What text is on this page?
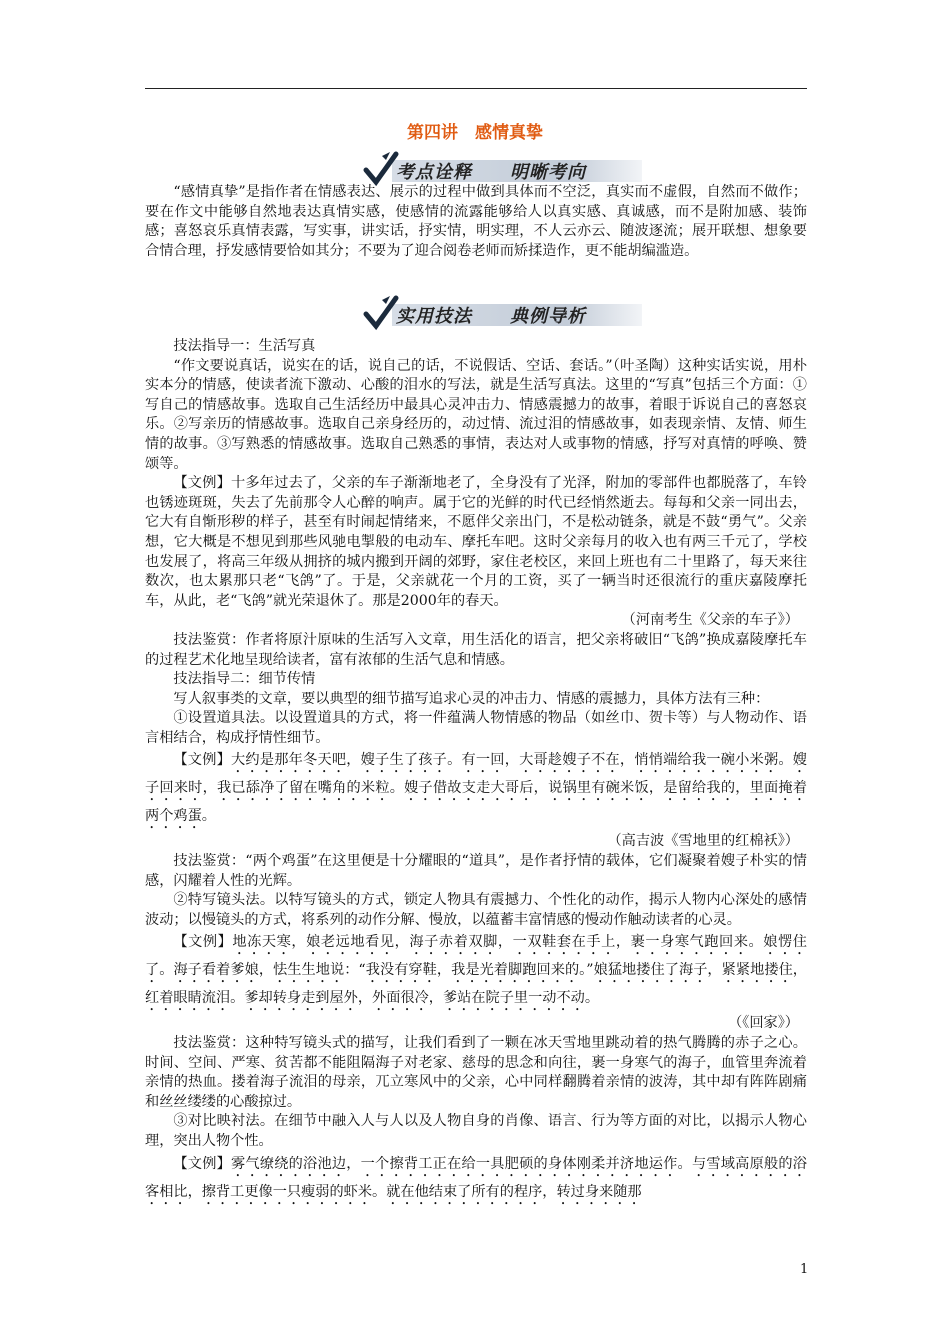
第四讲　感情真挚
考点诠释 明晰考向
实用技法 典例导析

“感情真挚”是指作者在情感表达、展示的过程中做到具体而不空泛，真实而不虚假，自然而不做作；要在作文中能够自然地表达真情实感，使感情的流露能够给人以真实感、真诚感，而不是附加感、装饰感；喜怒哀乐真情表露，写实事，讲实话，抒实情，明实理，不人云亦云、随波逐流；展开联想、想象要合情合理，抒发感情要恰如其分；不要为了迎合阅卷老师而矫揉造作，更不能胡编滥造。

技法指导一：生活写真

“作文要说真话，说实在的话，说自己的话，不说假话、空话、套话。”（叶圣陶）这种实话实说，用朴实本分的情感，使读者流下激动、心酸的泪水的写法，就是生活写真法。这里的“写真”包括三个方面：①写自己的情感故事。选取自己生活经历中最具心灵冲击力、情感震撼力的故事，着眼于诉说自己的喜怒哀乐。②写亲历的情感故事。选取自己亲身经历的，动过情、流过泪的情感故事，如表现亲情、友情、师生情的故事。③写熟悉的情感故事。选取自己熟悉的事情，表达对人或事物的情感，抒写对真情的呼唤、赞颂等。

【文例】十多年过去了，父亲的车子渐渐地老了，全身没有了光泽，附加的零部件也都脱落了，车铃也锈迹斑斑，失去了先前那令人心醉的响声。属于它的光鲜的时代已经悄然逝去。每每和父亲一同出去，它大有自惭形秽的样子，甚至有时闹起情绪来，不愿伴父亲出门，不是松动链条，就是不鼓“勇气”。父亲想，它大概是不想见到那些风驰电掣般的电动车、摩托车吧。这时父亲每月的收入也有两三千元了，学校也发展了，将高三年级从拥挤的城内搬到开阔的郊野，家住老校区，来回上班也有二十里路了，每天来往数次，也太累那只老“飞鸽”了。于是，父亲就花一个月的工资，买了一辆当时还很流行的重庆嘉陵摩托车，从此，老“飞鸽”就光荣退休了。那是2000年的春天。

（河南考生《父亲的车子》）

技法鉴赏：作者将原汁原味的生活写入文章，用生活化的语言，把父亲将破旧“飞鸽”换成嘉陵摩托车的过程艺术化地呈现给读者，富有浓郁的生活气息和情感。

技法指导二：细节传情

写人叙事类的文章，要以典型的细节描写追求心灵的冲击力、情感的震撼力，具体方法有三种：

①设置道具法。以设置道具的方式，将一件蕴满人物情感的物品（如丝巾、贺卡等）与人物动作、语言相结合，构成抒情性细节。

【文例】大约是那年冬天吧，嫂子生了孩子。有一回，大哥趁嫂子不在，悄悄端给我一碗小米粥。嫂子回来时，我已舔净了留在嘴角的米粒。嫂子借故支走大哥后，说锅里有碗米饭，是留给我的，里面掩着两个鸡蛋。

（高吉波《雪地里的红棉袄》）

技法鉴赏：“两个鸡蛋”在这里便是十分耀眼的“道具”，是作者抒情的载体，它们凝聚着嫂子朴实的情感，闪耀着人性的光辉。

②特写镜头法。以特写镜头的方式，锁定人物具有震撼力、个性化的动作，揭示人物内心深处的感情波动；以慢镜头的方式，将系列的动作分解、慢放，以蕴蓄丰富情感的慢动作触动读者的心灵。

【文例】地冻天寒，娘老远地看见，海子赤着双脚，一双鞋套在手上，裹一身寒气跑回来。娘愣住了。海子看着爹娘，怯生生地说：“我没有穿鞋，我是光着脚跑回来的。”娘猛地搂住了海子，紧紧地搂住，红着眼睛流泪。爹却转身走到屋外，外面很冷，爹站在院子里一动不动。

（《回家》）

技法鉴赏：这种特写镜头式的描写，让我们看到了一颗在冰天雪地里跳动着的热气腾腾的赤子之心。时间、空间、严寒、贫苦都不能阻隔海子对老家、慈母的思念和向往，裹一身寒气的海子，血管里奔流着亲情的热血。搂着海子流泪的母亲，兀立寒风中的父亲，心中同样翻腾着亲情的波涛，其中却有阵阵剧痛和丝丝缕缕的心酸掠过。

③对比映衬法。在细节中融入人与人以及人物自身的肖像、语言、行为等方面的对比，以揭示人物心理，突出人物个性。

【文例】雾气缭绕的浴池边，一个擦背工正在给一具肥硕的身体刚柔并济地运作。与雪域高原般的浴客相比，擦背工更像一只瘦弱的虾米。就在他结束了所有的程序，转过身来随那

1
